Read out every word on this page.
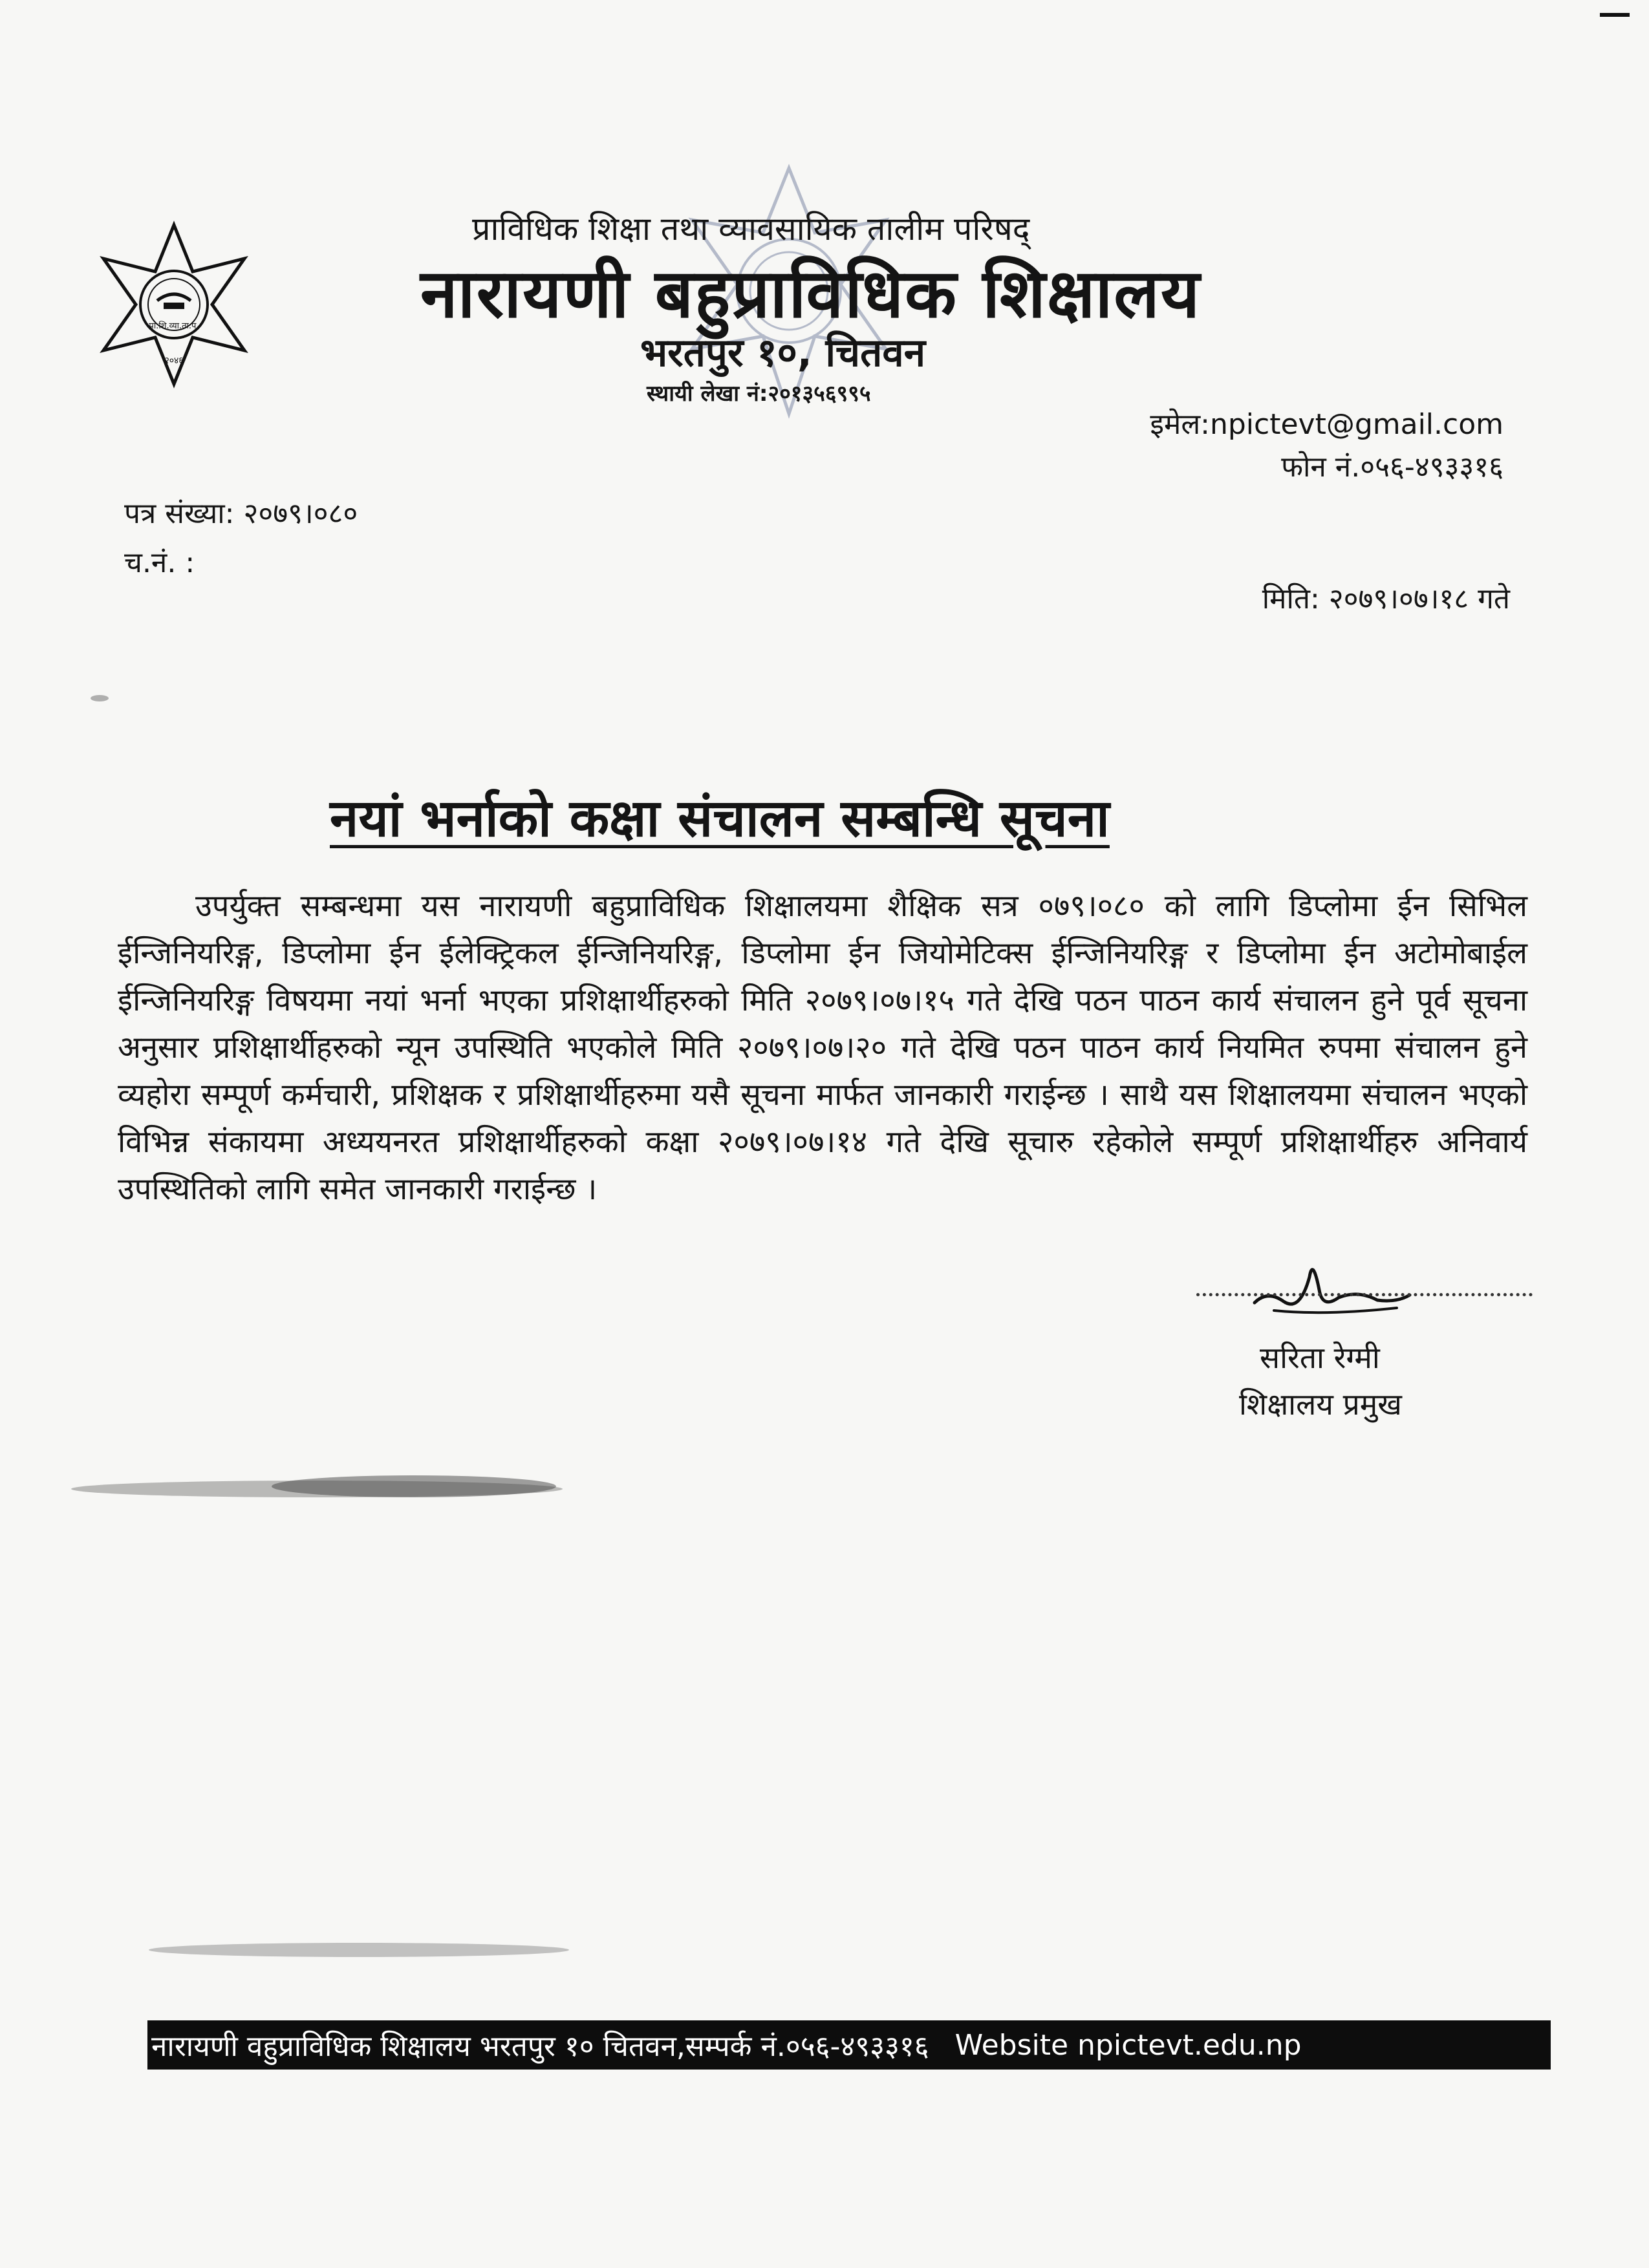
प्रा.शि.व्या.ता.प.
२०४६
प्राविधिक शिक्षा तथा व्यावसायिक तालीम परिषद्
नारायणी बहुप्राविधिक शिक्षालय
भरतपुर १०, चितवन
स्थायी लेखा नं:२०१३५६९९५
इमेल:npictevt@gmail.com
फोन नं.०५६-४९३३१६
पत्र संख्या: २०७९।०८०
च.नं. :
मिति: २०७९।०७।१८ गते
नयां भर्नाको कक्षा संचालन सम्बन्धि सूचना
उपर्युक्त सम्बन्धमा यस नारायणी बहुप्राविधिक शिक्षालयमा शैक्षिक सत्र ०७९।०८० को लागि डिप्लोमा ईन सिभिल ईन्जिनियरिङ्ग, डिप्लोमा ईन ईलेक्ट्रिकल ईन्जिनियरिङ्ग, डिप्लोमा ईन जियोमेटिक्स ईन्जिनियरिङ्ग र डिप्लोमा ईन अटोमोबाईल ईन्जिनियरिङ्ग विषयमा नयां भर्ना भएका प्रशिक्षार्थीहरुको मिति २०७९।०७।१५ गते देखि पठन पाठन कार्य संचालन हुने पूर्व सूचना अनुसार प्रशिक्षार्थीहरुको न्यून उपस्थिति भएकोले मिति २०७९।०७।२० गते देखि पठन पाठन कार्य नियमित रुपमा संचालन हुने व्यहोरा सम्पूर्ण कर्मचारी, प्रशिक्षक र प्रशिक्षार्थीहरुमा यसै सूचना मार्फत जानकारी गराईन्छ । साथै यस शिक्षालयमा संचालन भएको विभिन्न संकायमा अध्ययनरत प्रशिक्षार्थीहरुको कक्षा २०७९।०७।१४ गते देखि सूचारु रहेकोले सम्पूर्ण प्रशिक्षार्थीहरु अनिवार्य उपस्थितिको लागि समेत जानकारी गराईन्छ ।
सरिता रेग्मी
शिक्षालय प्रमुख
नारायणी वहुप्राविधिक शिक्षालय भरतपुर १० चितवन,सम्पर्क नं.०५६-४९३३१६ Website npictevt.edu.np
